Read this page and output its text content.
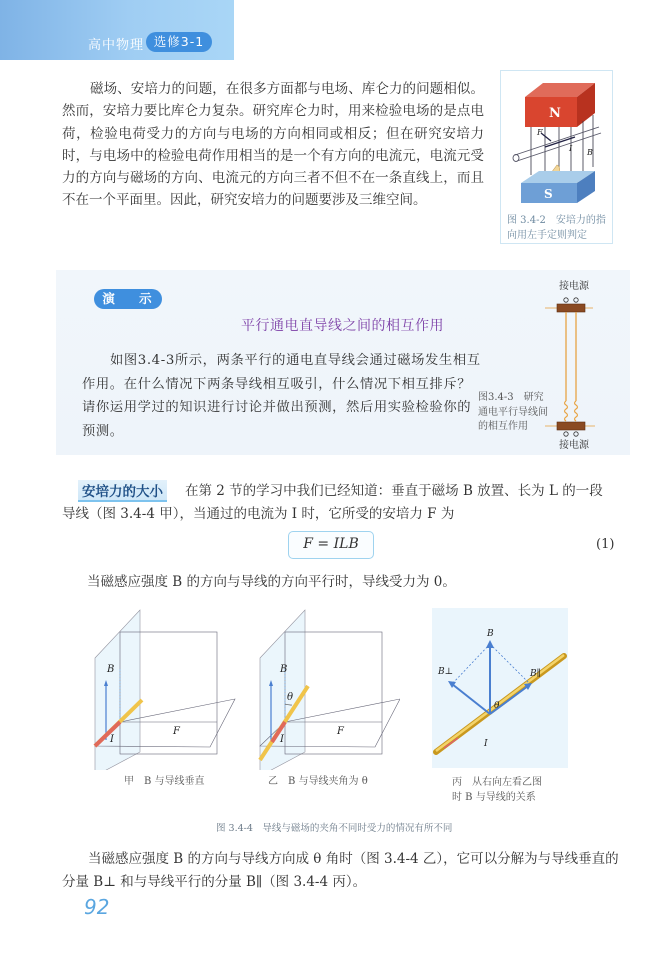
高中物理 选修3-1

磁场、安培力的问题，在很多方面都与电场、库仑力的问题相似。然而，安培力要比库仑力复杂。研究库仑力时，用来检验电场的是点电荷，检验电荷受力的方向与电场的方向相同或相反；但在研究安培力时，与电场中的检验电荷作用相当的是一个有方向的电流元，电流元受力的方向与磁场的方向、电流元的方向三者不但不在一条直线上，而且不在一个平面里。因此，研究安培力的问题要涉及三维空间。

N
F
I B
S
图 3.4-2　安培力的指向用左手定则判定
演 示
平行通电直导线之间的相互作用

如图3.4-3所示，两条平行的通电直导线会通过磁场发生相互作用。在什么情况下两条导线相互吸引，什么情况下相互排斥？请你运用学过的知识进行讨论并做出预测，然后用实验检验你的预测。

接电源
接电源
图3.4-3　研究通电平行导线间的相互作用
安培力的大小 在第 2 节的学习中我们已经知道：垂直于磁场 B 放置、长为 L 的一段

导线（图 3.4-4 甲），当通过的电流为 I 时，它所受的安培力 F 为

F = ILB	(1)

当磁感应强度 B 的方向与导线的方向平行时，导线受力为 0。

B
I
F
B
θ
I
F
B
B⊥	B∥
θ
I
甲　B 与导线垂直	乙　B 与导线夹角为 θ	丙　从右向左看乙图
时 B 与导线的关系
图 3.4-4　导线与磁场的夹角不同时受力的情况有所不同

当磁感应强度 B 的方向与导线方向成 θ 角时（图 3.4-4 乙），它可以分解为与导线垂直的分量 B⊥ 和与导线平行的分量 B∥（图 3.4-4 丙）。

92
